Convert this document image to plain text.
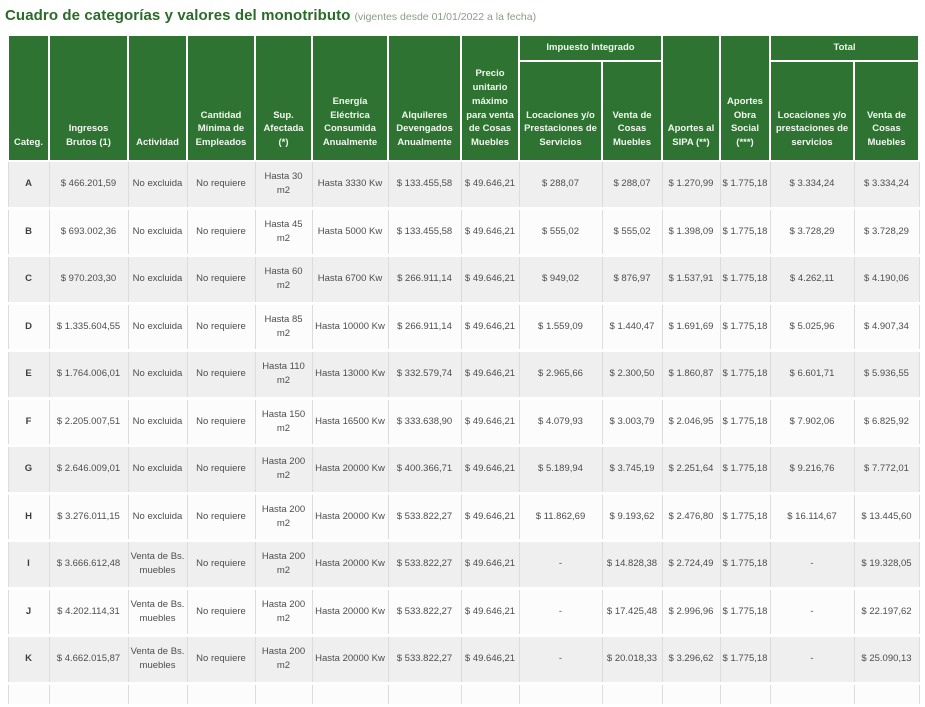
Cuadro de categorías y valores del monotributo (vigentes desde 01/01/2022 a la fecha)

Categ.	Ingresos Brutos (1)	Actividad	Cantidad Mínima de Empleados	Sup. Afectada (*)	Energía Eléctrica Consumida Anualmente	Alquileres Devengados Anualmente	Precio unitario máximo para venta de Cosas Muebles	Impuesto Integrado		Aportes al SIPA (**)	Aportes Obra Social (***)	Total	
								Locaciones y/o Prestaciones de Servicios	Venta de Cosas Muebles			Locaciones y/o prestaciones de servicios	Venta de Cosas Muebles
A	$ 466.201,59	No excluida	No requiere	Hasta 30 m2	Hasta 3330 Kw	$ 133.455,58	$ 49.646,21	$ 288,07	$ 288,07	$ 1.270,99	$ 1.775,18	$ 3.334,24	$ 3.334,24
B	$ 693.002,36	No excluida	No requiere	Hasta 45 m2	Hasta 5000 Kw	$ 133.455,58	$ 49.646,21	$ 555,02	$ 555,02	$ 1.398,09	$ 1.775,18	$ 3.728,29	$ 3.728,29
C	$ 970.203,30	No excluida	No requiere	Hasta 60 m2	Hasta 6700 Kw	$ 266.911,14	$ 49.646,21	$ 949,02	$ 876,97	$ 1.537,91	$ 1.775,18	$ 4.262,11	$ 4.190,06
D	$ 1.335.604,55	No excluida	No requiere	Hasta 85 m2	Hasta 10000 Kw	$ 266.911,14	$ 49.646,21	$ 1.559,09	$ 1.440,47	$ 1.691,69	$ 1.775,18	$ 5.025,96	$ 4.907,34
E	$ 1.764.006,01	No excluida	No requiere	Hasta 110 m2	Hasta 13000 Kw	$ 332.579,74	$ 49.646,21	$ 2.965,66	$ 2.300,50	$ 1.860,87	$ 1.775,18	$ 6.601,71	$ 5.936,55
F	$ 2.205.007,51	No excluida	No requiere	Hasta 150 m2	Hasta 16500 Kw	$ 333.638,90	$ 49.646,21	$ 4.079,93	$ 3.003,79	$ 2.046,95	$ 1.775,18	$ 7.902,06	$ 6.825,92
G	$ 2.646.009,01	No excluida	No requiere	Hasta 200 m2	Hasta 20000 Kw	$ 400.366,71	$ 49.646,21	$ 5.189,94	$ 3.745,19	$ 2.251,64	$ 1.775,18	$ 9.216,76	$ 7.772,01
H	$ 3.276.011,15	No excluida	No requiere	Hasta 200 m2	Hasta 20000 Kw	$ 533.822,27	$ 49.646,21	$ 11.862,69	$ 9.193,62	$ 2.476,80	$ 1.775,18	$ 16.114,67	$ 13.445,60
I	$ 3.666.612,48	Venta de Bs. muebles	No requiere	Hasta 200 m2	Hasta 20000 Kw	$ 533.822,27	$ 49.646,21	-	$ 14.828,38	$ 2.724,49	$ 1.775,18	-	$ 19.328,05
J	$ 4.202.114,31	Venta de Bs. muebles	No requiere	Hasta 200 m2	Hasta 20000 Kw	$ 533.822,27	$ 49.646,21	-	$ 17.425,48	$ 2.996,96	$ 1.775,18	-	$ 22.197,62
K	$ 4.662.015,87	Venta de Bs. muebles	No requiere	Hasta 200 m2	Hasta 20000 Kw	$ 533.822,27	$ 49.646,21	-	$ 20.018,33	$ 3.296,62	$ 1.775,18	-	$ 25.090,13
